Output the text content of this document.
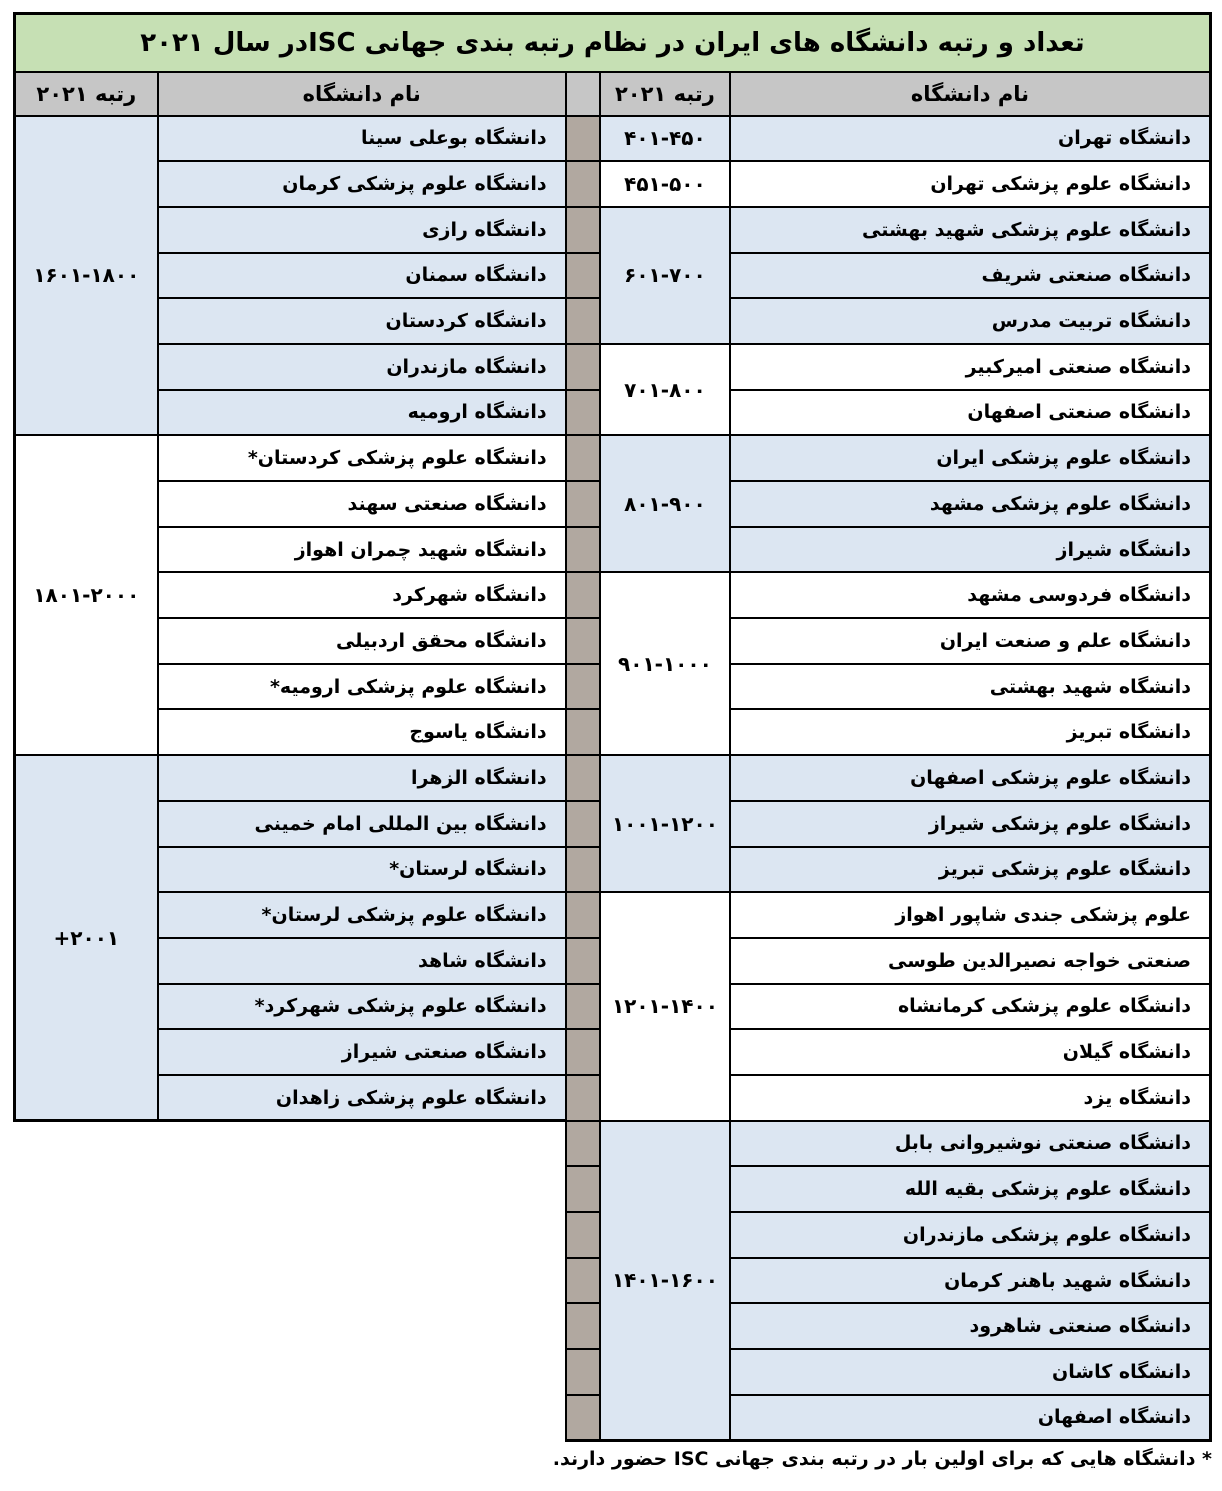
تعداد و رتبه دانشگاه های ایران در نظام رتبه بندی جهانی ISCدر سال ۲۰۲۱				
نام دانشگاه	رتبه ۲۰۲۱		نام دانشگاه	رتبه ۲۰۲۱
دانشگاه تهران	۴۰۱-۴۵۰		دانشگاه بوعلی سینا	۱۶۰۱-۱۸۰۰
دانشگاه علوم پزشکی تهران	۴۵۱-۵۰۰		دانشگاه علوم پزشکی کرمان	
دانشگاه علوم پزشکی شهید بهشتی	۶۰۱-۷۰۰		دانشگاه رازی	
دانشگاه صنعتی شریف			دانشگاه سمنان	
دانشگاه تربیت مدرس			دانشگاه کردستان	
دانشگاه صنعتی امیرکبیر	۷۰۱-۸۰۰		دانشگاه مازندران	
دانشگاه صنعتی اصفهان			دانشگاه ارومیه	
دانشگاه علوم پزشکی ایران	۸۰۱-۹۰۰		دانشگاه علوم پزشکی کردستان*	۱۸۰۱-۲۰۰۰
دانشگاه علوم پزشکی مشهد			دانشگاه صنعتی سهند	
دانشگاه شیراز			دانشگاه شهید چمران اهواز	
دانشگاه فردوسی مشهد	۹۰۱-۱۰۰۰		دانشگاه شهرکرد	
دانشگاه علم و صنعت ایران			دانشگاه محقق اردبیلی	
دانشگاه شهید بهشتی			دانشگاه علوم پزشکی ارومیه*	
دانشگاه تبریز			دانشگاه یاسوج	
دانشگاه علوم پزشکی اصفهان	۱۰۰۱-۱۲۰۰		دانشگاه الزهرا	+۲۰۰۱
دانشگاه علوم پزشکی شیراز			دانشگاه بین المللی امام خمینی	
دانشگاه علوم پزشکی تبریز			دانشگاه لرستان*	
علوم پزشکی جندی شاپور اهواز	۱۲۰۱-۱۴۰۰		دانشگاه علوم پزشکی لرستان*	
صنعتی خواجه نصیرالدین طوسی			دانشگاه شاهد	
دانشگاه علوم پزشکی کرمانشاه			دانشگاه علوم پزشکی شهرکرد*	
دانشگاه گیلان			دانشگاه صنعتی شیراز	
دانشگاه یزد			دانشگاه علوم پزشکی زاهدان	
دانشگاه صنعتی نوشیروانی بابل	۱۴۰۱-۱۶۰۰			
دانشگاه علوم پزشکی بقیه الله				
دانشگاه علوم پزشکی مازندران				
دانشگاه شهید باهنر کرمان				
دانشگاه صنعتی شاهرود				
دانشگاه کاشان				
دانشگاه اصفهان				
* دانشگاه هایی که برای اولین بار در رتبه بندی جهانی ISC حضور دارند.
